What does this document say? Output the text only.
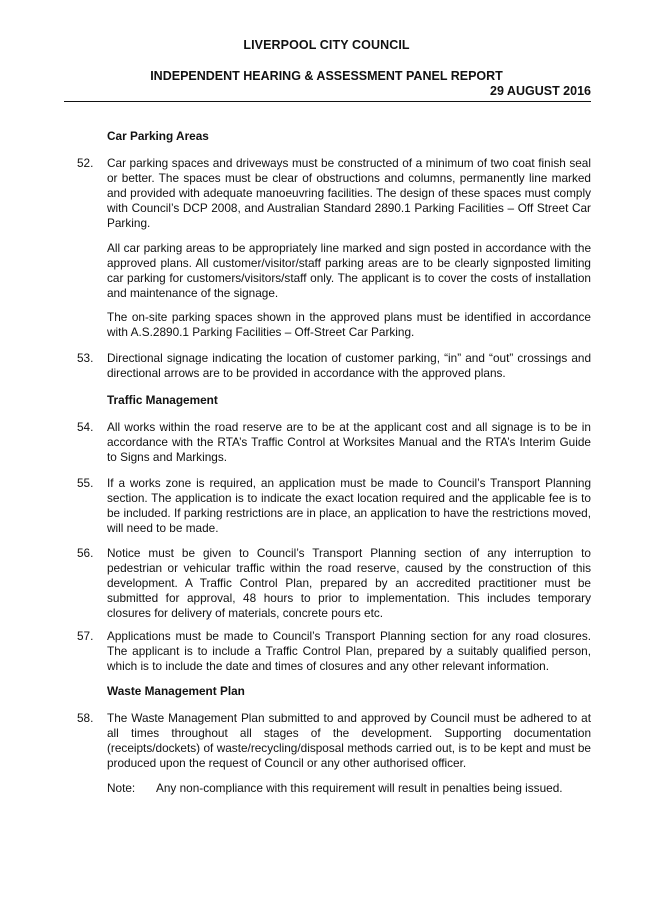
LIVERPOOL CITY COUNCIL
INDEPENDENT HEARING & ASSESSMENT PANEL REPORT
29 AUGUST 2016
Car Parking Areas
52. Car parking spaces and driveways must be constructed of a minimum of two coat finish seal or better. The spaces must be clear of obstructions and columns, permanently line marked and provided with adequate manoeuvring facilities. The design of these spaces must comply with Council’s DCP 2008, and Australian Standard 2890.1 Parking Facilities – Off Street Car Parking.
All car parking areas to be appropriately line marked and sign posted in accordance with the approved plans. All customer/visitor/staff parking areas are to be clearly signposted limiting car parking for customers/visitors/staff only. The applicant is to cover the costs of installation and maintenance of the signage.
The on-site parking spaces shown in the approved plans must be identified in accordance with A.S.2890.1 Parking Facilities – Off-Street Car Parking.
53. Directional signage indicating the location of customer parking, “in” and “out” crossings and directional arrows are to be provided in accordance with the approved plans.
Traffic Management
54. All works within the road reserve are to be at the applicant cost and all signage is to be in accordance with the RTA’s Traffic Control at Worksites Manual and the RTA’s Interim Guide to Signs and Markings.
55. If a works zone is required, an application must be made to Council’s Transport Planning section. The application is to indicate the exact location required and the applicable fee is to be included. If parking restrictions are in place, an application to have the restrictions moved, will need to be made.
56. Notice must be given to Council’s Transport Planning section of any interruption to pedestrian or vehicular traffic within the road reserve, caused by the construction of this development. A Traffic Control Plan, prepared by an accredited practitioner must be submitted for approval, 48 hours to prior to implementation. This includes temporary closures for delivery of materials, concrete pours etc.
57. Applications must be made to Council’s Transport Planning section for any road closures. The applicant is to include a Traffic Control Plan, prepared by a suitably qualified person, which is to include the date and times of closures and any other relevant information.
Waste Management Plan
58. The Waste Management Plan submitted to and approved by Council must be adhered to at all times throughout all stages of the development. Supporting documentation (receipts/dockets) of waste/recycling/disposal methods carried out, is to be kept and must be produced upon the request of Council or any other authorised officer.
Note: Any non-compliance with this requirement will result in penalties being issued.
